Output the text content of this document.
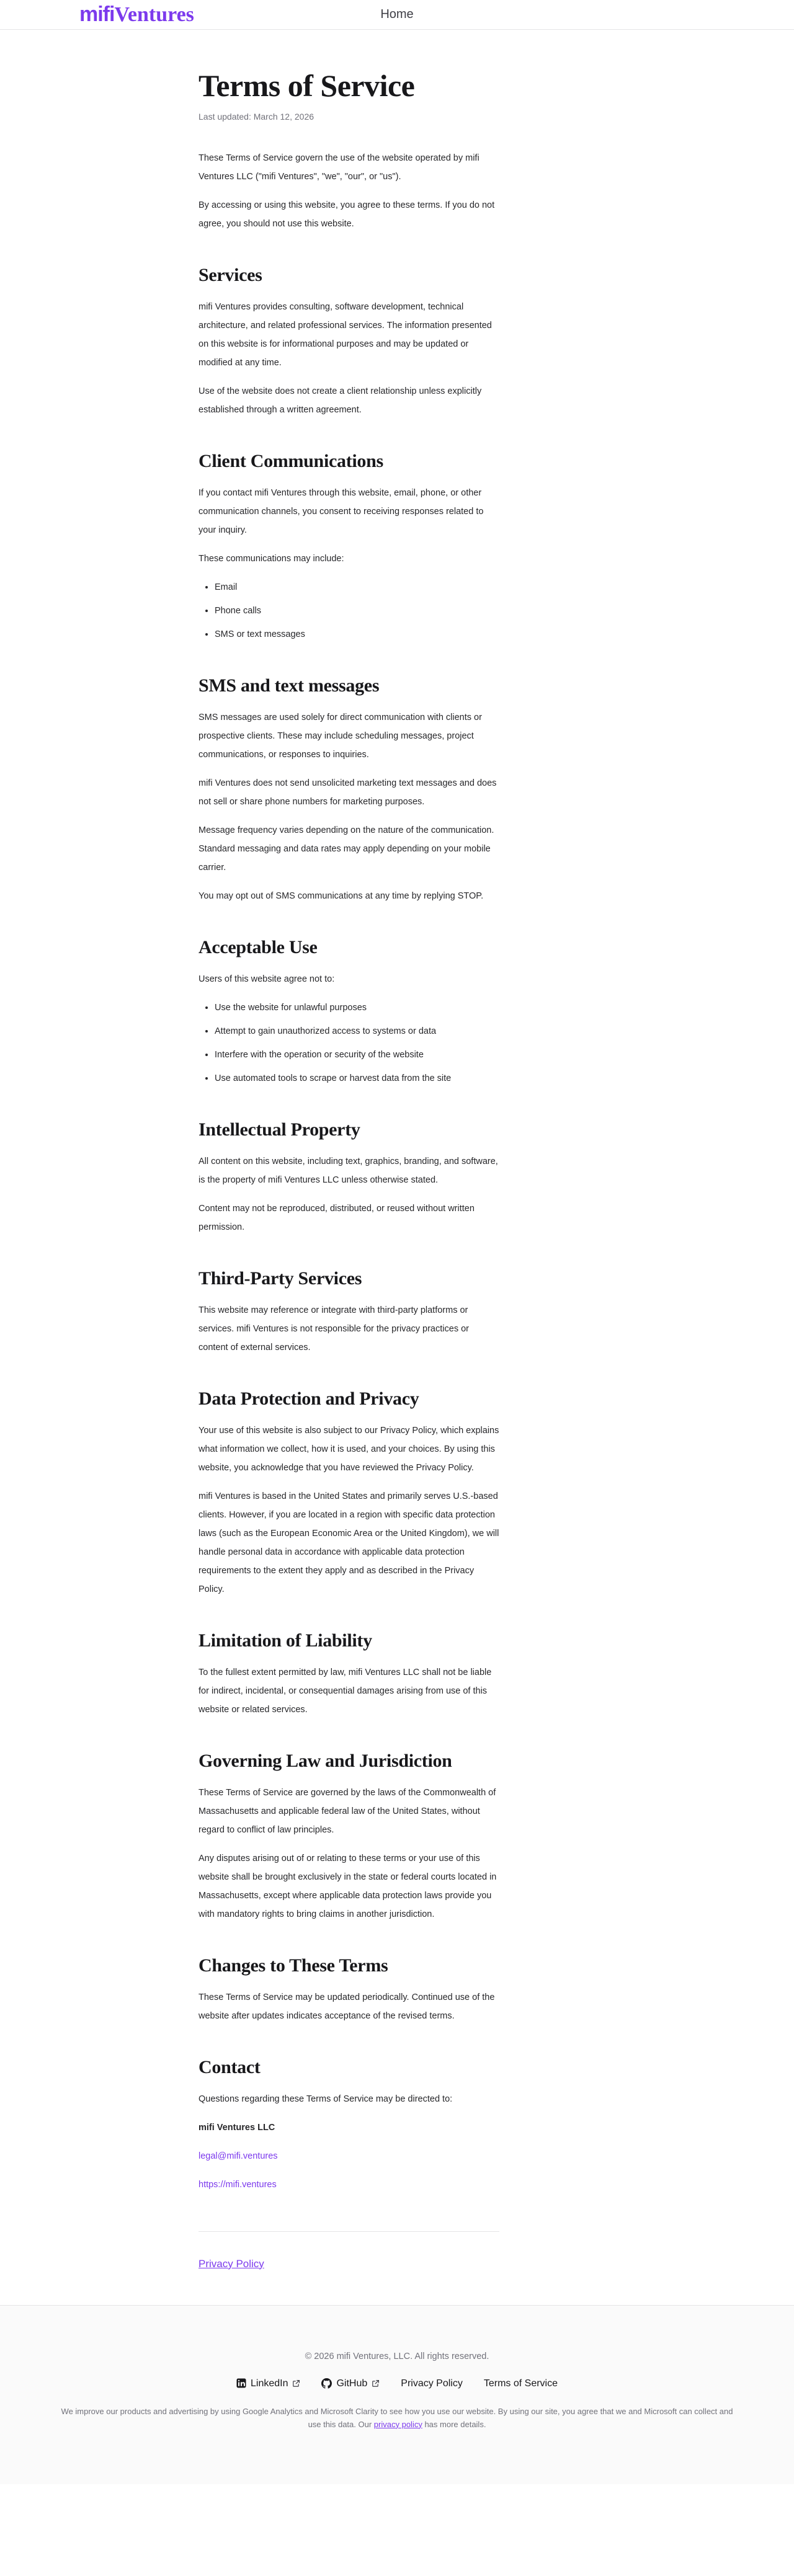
mifiVentures	Home
Terms of Service

Last updated: March 12, 2026

These Terms of Service govern the use of the website operated by mifi Ventures LLC ("mifi Ventures", "we", "our", or "us").

By accessing or using this website, you agree to these terms. If you do not agree, you should not use this website.

Services

mifi Ventures provides consulting, software development, technical architecture, and related professional services. The information presented on this website is for informational purposes and may be updated or modified at any time.

Use of the website does not create a client relationship unless explicitly established through a written agreement.

Client Communications

If you contact mifi Ventures through this website, email, phone, or other communication channels, you consent to receiving responses related to your inquiry.

These communications may include:

• Email
• Phone calls
• SMS or text messages
SMS and text messages

SMS messages are used solely for direct communication with clients or prospective clients. These may include scheduling messages, project communications, or responses to inquiries.

mifi Ventures does not send unsolicited marketing text messages and does not sell or share phone numbers for marketing purposes.

Message frequency varies depending on the nature of the communication. Standard messaging and data rates may apply depending on your mobile carrier.

You may opt out of SMS communications at any time by replying STOP.

Acceptable Use

Users of this website agree not to:

• Use the website for unlawful purposes
• Attempt to gain unauthorized access to systems or data
• Interfere with the operation or security of the website
• Use automated tools to scrape or harvest data from the site
Intellectual Property

All content on this website, including text, graphics, branding, and software, is the property of mifi Ventures LLC unless otherwise stated.

Content may not be reproduced, distributed, or reused without written permission.

Third-Party Services

This website may reference or integrate with third-party platforms or services. mifi Ventures is not responsible for the privacy practices or content of external services.

Data Protection and Privacy

Your use of this website is also subject to our Privacy Policy, which explains what information we collect, how it is used, and your choices. By using this website, you acknowledge that you have reviewed the Privacy Policy.

mifi Ventures is based in the United States and primarily serves U.S.-based clients. However, if you are located in a region with specific data protection laws (such as the European Economic Area or the United Kingdom), we will handle personal data in accordance with applicable data protection requirements to the extent they apply and as described in the Privacy Policy.

Limitation of Liability

To the fullest extent permitted by law, mifi Ventures LLC shall not be liable for indirect, incidental, or consequential damages arising from use of this website or related services.

Governing Law and Jurisdiction

These Terms of Service are governed by the laws of the Commonwealth of Massachusetts and applicable federal law of the United States, without regard to conflict of law principles.

Any disputes arising out of or relating to these terms or your use of this website shall be brought exclusively in the state or federal courts located in Massachusetts, except where applicable data protection laws provide you with mandatory rights to bring claims in another jurisdiction.

Changes to These Terms

These Terms of Service may be updated periodically. Continued use of the website after updates indicates acceptance of the revised terms.

Contact

Questions regarding these Terms of Service may be directed to:

mifi Ventures LLC

legal@mifi.ventures

https://mifi.ventures

Privacy Policy

© 2026 mifi Ventures, LLC. All rights reserved.

LinkedIn	GitHub	Privacy Policy Terms of Service

We improve our products and advertising by using Google Analytics and Microsoft Clarity to see how you use our website. By using our site, you agree that we and Microsoft can collect and use this data. Our privacy policy has more details.
